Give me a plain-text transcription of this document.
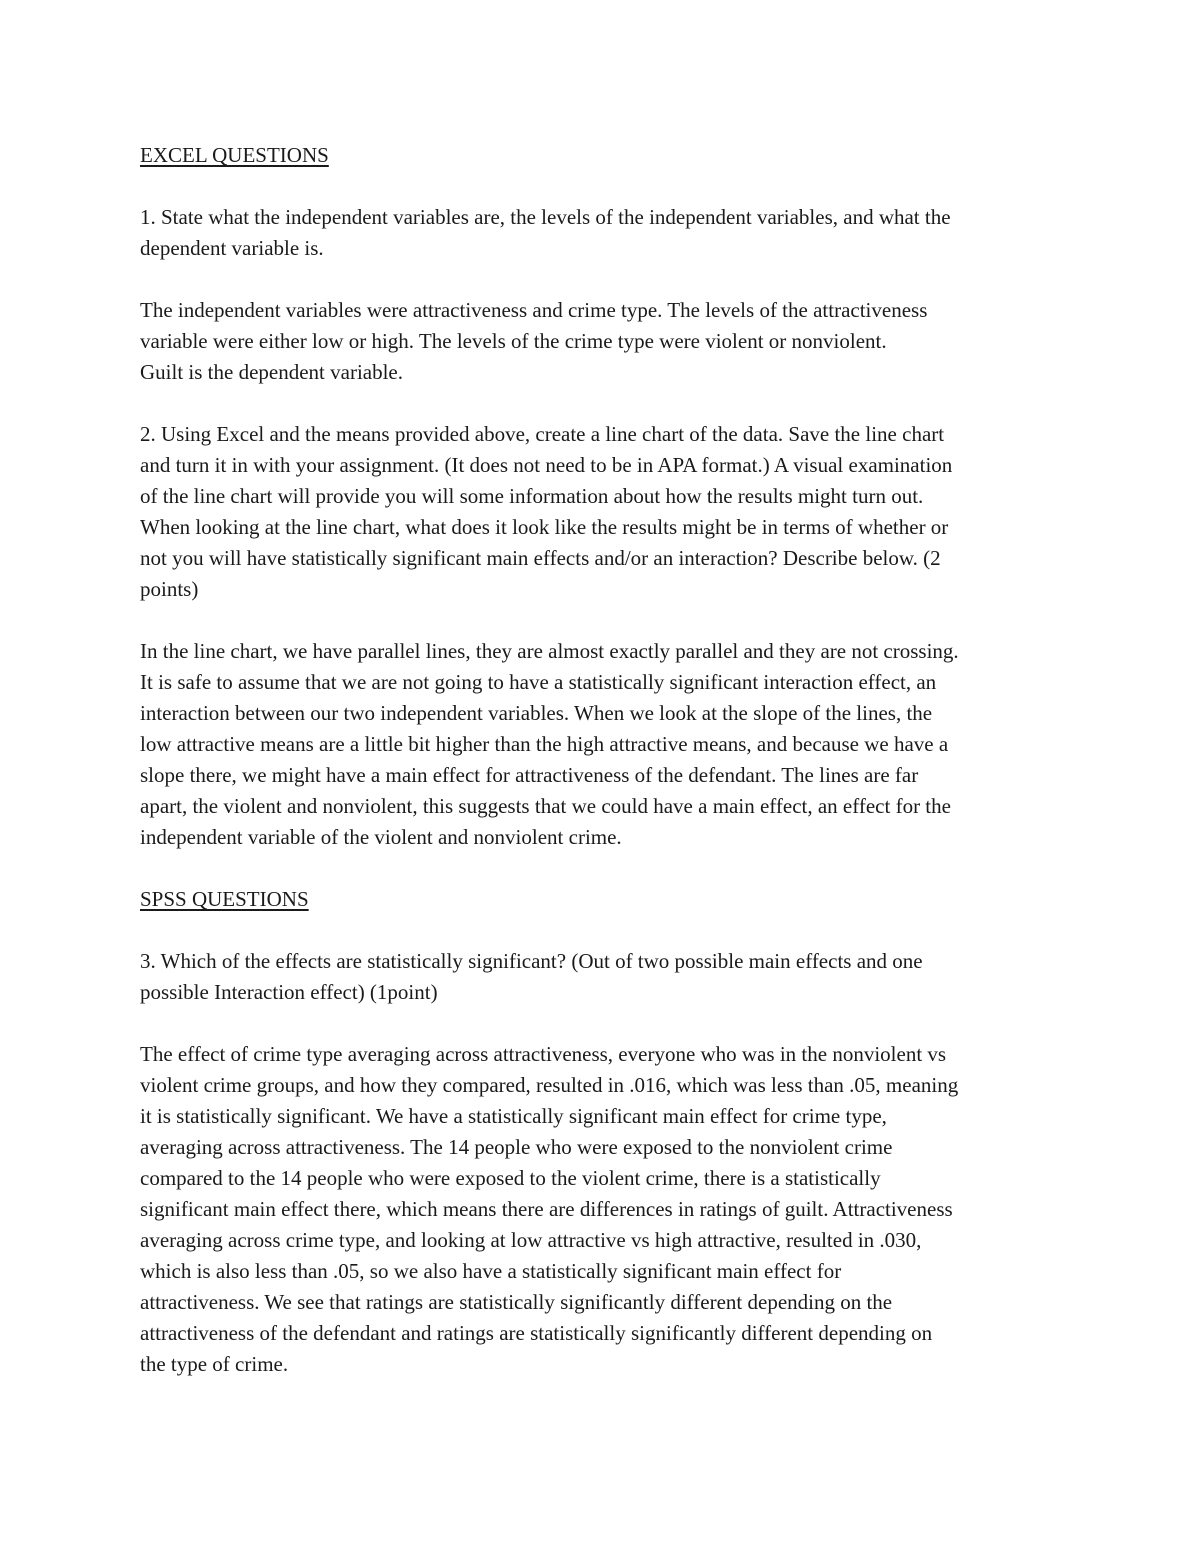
EXCEL QUESTIONS
1. State what the independent variables are, the levels of the independent variables, and what the
dependent variable is.
The independent variables were attractiveness and crime type. The levels of the attractiveness
variable were either low or high. The levels of the crime type were violent or nonviolent.
Guilt is the dependent variable.
2. Using Excel and the means provided above, create a line chart of the data. Save the line chart
and turn it in with your assignment. (It does not need to be in APA format.) A visual examination
of the line chart will provide you will some information about how the results might turn out.
When looking at the line chart, what does it look like the results might be in terms of whether or
not you will have statistically significant main effects and/or an interaction? Describe below. (2
points)
In the line chart, we have parallel lines, they are almost exactly parallel and they are not crossing.
It is safe to assume that we are not going to have a statistically significant interaction effect, an
interaction between our two independent variables. When we look at the slope of the lines, the
low attractive means are a little bit higher than the high attractive means, and because we have a
slope there, we might have a main effect for attractiveness of the defendant. The lines are far
apart, the violent and nonviolent, this suggests that we could have a main effect, an effect for the
independent variable of the violent and nonviolent crime.
SPSS QUESTIONS
3. Which of the effects are statistically significant? (Out of two possible main effects and one
possible Interaction effect) (1point)
The effect of crime type averaging across attractiveness, everyone who was in the nonviolent vs
violent crime groups, and how they compared, resulted in .016, which was less than .05, meaning
it is statistically significant. We have a statistically significant main effect for crime type,
averaging across attractiveness. The 14 people who were exposed to the nonviolent crime
compared to the 14 people who were exposed to the violent crime, there is a statistically
significant main effect there, which means there are differences in ratings of guilt. Attractiveness
averaging across crime type, and looking at low attractive vs high attractive, resulted in .030,
which is also less than .05, so we also have a statistically significant main effect for
attractiveness. We see that ratings are statistically significantly different depending on the
attractiveness of the defendant and ratings are statistically significantly different depending on
the type of crime.
